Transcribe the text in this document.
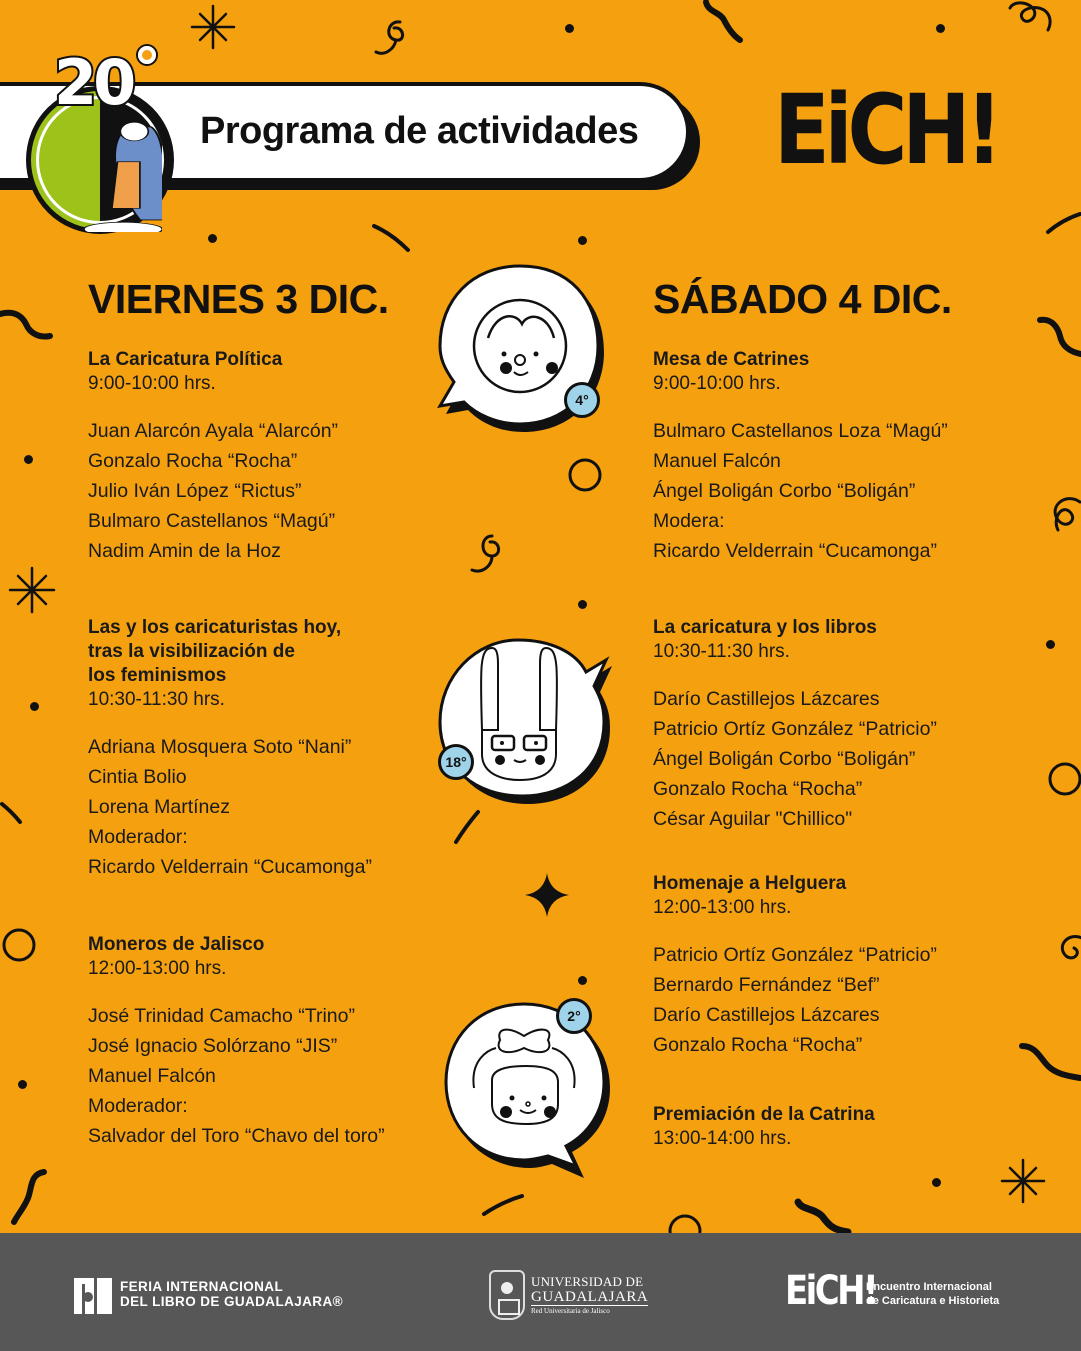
Programa de actividades
20	EiCH!
VIERNES 3 DIC.
La Caricatura Política
9:00-10:00 hrs.
Juan Alarcón Ayala “Alarcón”
Gonzalo Rocha “Rocha”
Julio Iván López “Rictus”
Bulmaro Castellanos “Magú”
Nadim Amin de la Hoz
Las y los caricaturistas hoy,
tras la visibilización de
los feminismos
10:30-11:30 hrs.
Adriana Mosquera Soto “Nani”
Cintia Bolio
Lorena Martínez
Moderador:
Ricardo Velderrain “Cucamonga”
Moneros de Jalisco
12:00-13:00 hrs.
José Trinidad Camacho “Trino”
José Ignacio Solórzano “JIS”
Manuel Falcón
Moderador:
Salvador del Toro “Chavo del toro”
SÁBADO 4 DIC.
Mesa de Catrines
9:00-10:00 hrs.
Bulmaro Castellanos Loza “Magú”
Manuel Falcón
Ángel Boligán Corbo “Boligán”
Modera:
Ricardo Velderrain “Cucamonga”
La caricatura y los libros
10:30-11:30 hrs.
Darío Castillejos Lázcares
Patricio Ortíz González “Patricio”
Ángel Boligán Corbo “Boligán”
Gonzalo Rocha “Rocha”
César Aguilar "Chillico"
Homenaje a Helguera
12:00-13:00 hrs.
Patricio Ortíz González “Patricio”
Bernardo Fernández “Bef”
Darío Castillejos Lázcares
Gonzalo Rocha “Rocha”
Premiación de la Catrina
13:00-14:00 hrs.
4°
18°
2°
FERIA INTERNACIONAL
DEL LIBRO DE GUADALAJARA®
UNIVERSIDAD DE
GUADALAJARA
Red Universitaria de Jalisco	EiCH!
Encuentro Internacional
de Caricatura e Historieta
